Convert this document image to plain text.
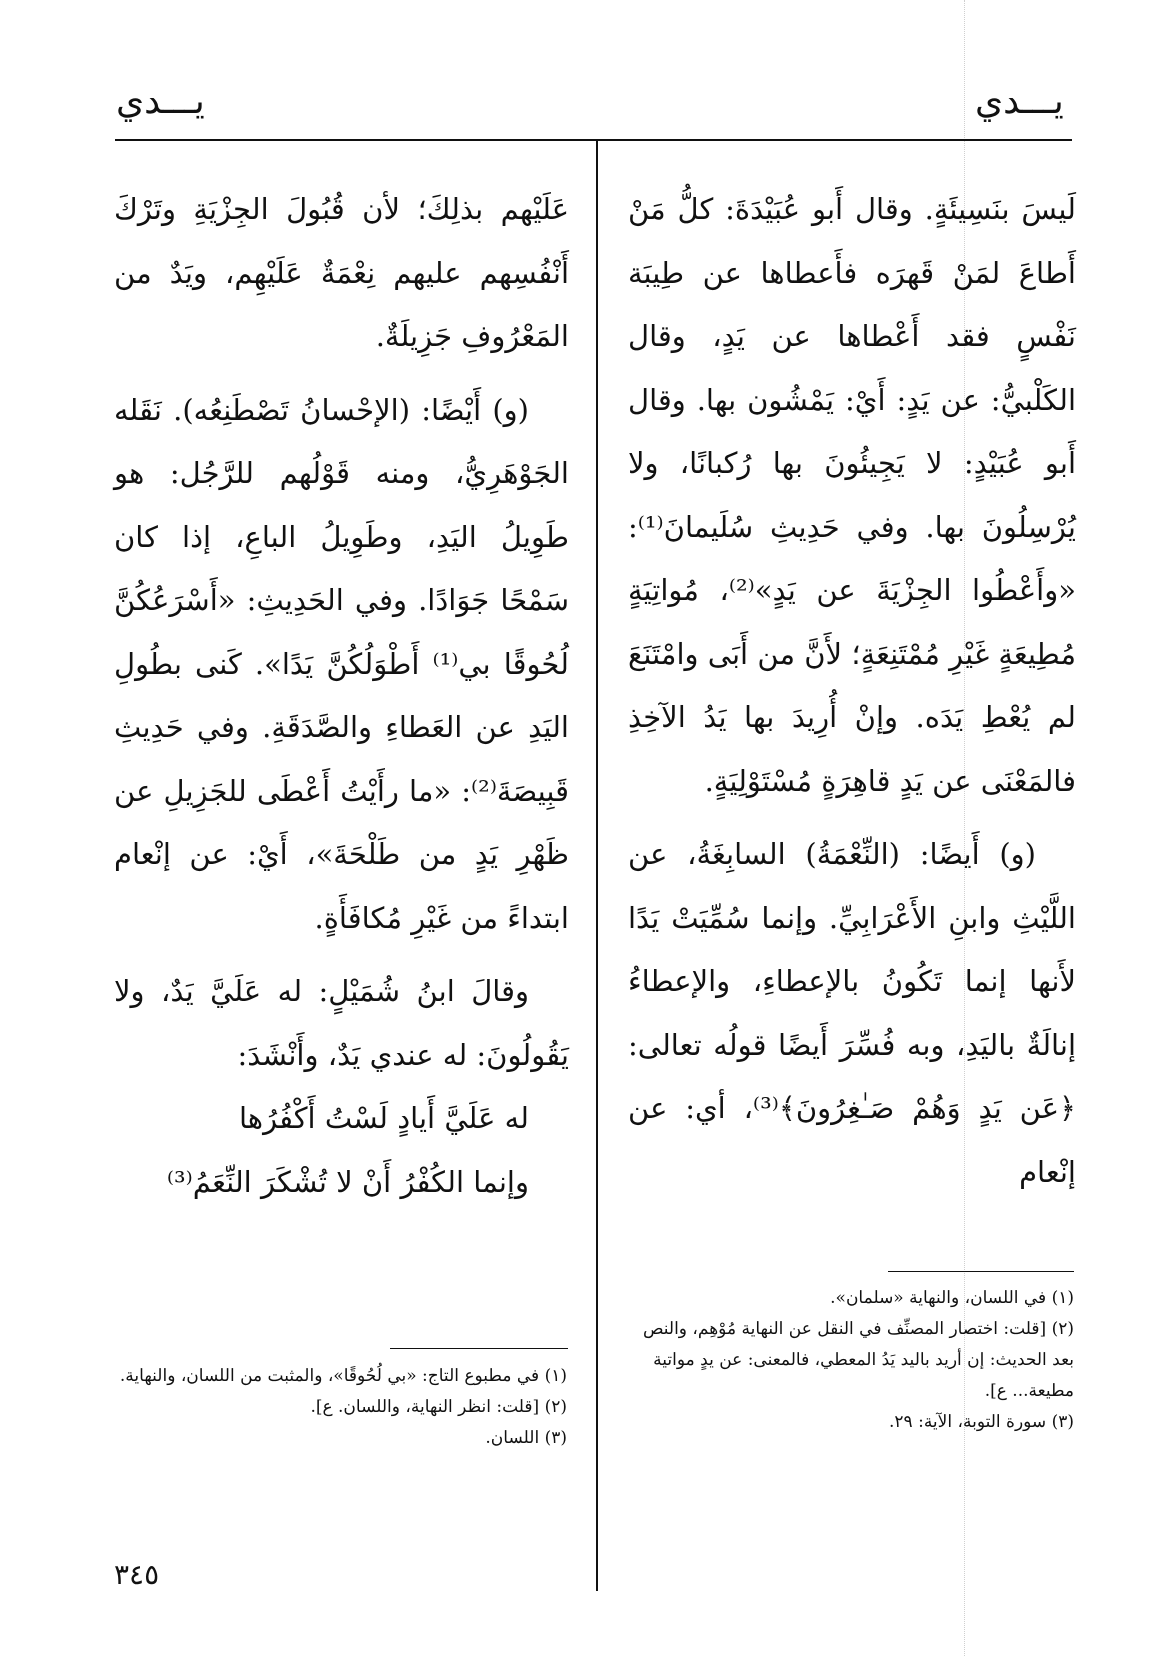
يـــدي
يـــدي

لَيسَ بنَسِيئَةٍ. وقال أَبو عُبَيْدَةَ: كلُّ مَنْ أَطاعَ لمَنْ قَهرَه فأَعطاها عن طِيبَة نَفْسٍ فقد أَعْطاها عن يَدٍ، وقال الكَلْبيُّ: عن يَدٍ: أَيْ: يَمْشُون بها. وقال أَبو عُبَيْدٍ: لا يَجِيئُونَ بها رُكبانًا، ولا يُرْسِلُونَ بها. وفي حَدِيثِ سُلَيمانَ⁽¹⁾: «وأَعْطُوا الجِزْيَةَ عن يَدٍ»⁽²⁾، مُواتِيَةٍ مُطِيعَةٍ غَيْرِ مُمْتَنِعَةٍ؛ لأَنَّ من أَبَى وامْتَنَعَ لم يُعْطِ يَدَه. وإنْ أُرِيدَ بها يَدُ الآخِذِ فالمَعْنَى عن يَدٍ قاهِرَةٍ مُسْتَوْلِيَةٍ.

(و) أَيضًا: (النِّعْمَةُ) السابِغَةُ، عن اللَّيْثِ وابنِ الأَعْرَابِيِّ. وإنما سُمِّيَتْ يَدًا لأَنها إنما تَكُونُ بالإعطاءِ، والإعطاءُ إنالَةٌ باليَدِ، وبه فُسِّرَ أَيضًا قولُه تعالى: ﴿عَن يَدٍ وَهُمْ صَـٰغِرُونَ﴾⁽³⁾، أي: عن إنْعام

عَلَيْهم بذلِكَ؛ لأن قُبُولَ الجِزْيَةِ وتَرْكَ أَنْفُسِهم عليهم نِعْمَةٌ عَلَيْهِم، ويَدٌ من المَعْرُوفِ جَزِيلَةٌ.

(و) أَيْضًا: (الإحْسانُ تَصْطَنِعُه). نَقَله الجَوْهَرِيُّ، ومنه قَوْلُهم للرَّجُل: هو طَوِيلُ اليَدِ، وطَوِيلُ الباعِ، إذا كان سَمْحًا جَوَادًا. وفي الحَدِيثِ: «أَسْرَعُكُنَّ لُحُوقًا بي⁽¹⁾ أَطْوَلُكُنَّ يَدًا». كَنى بطُولِ اليَدِ عن العَطاءِ والصَّدَقَةِ. وفي حَدِيثِ قَبِيصَةَ⁽²⁾: «ما رأَيْتُ أَعْطَى للجَزِيلِ عن ظَهْرِ يَدٍ من طَلْحَةَ»، أَيْ: عن إنْعام ابتداءً من غَيْرِ مُكافَأَةٍ.

وقالَ ابنُ شُمَيْلٍ: له عَلَيَّ يَدٌ، ولا يَقُولُونَ: له عندي يَدٌ، وأَنْشَدَ:

له عَلَيَّ أَيادٍ لَسْتُ أَكْفُرُها

وإنما الكُفْرُ أَنْ لا تُشْكَرَ النِّعَمُ⁽³⁾

(١) في اللسان، والنهاية «سلمان».

(٢) [قلت: اختصار المصنِّف في النقل عن النهاية مُوْهِم، والنص بعد الحديث: إن أريد باليد يَدُ المعطي، فالمعنى: عن يدٍ مواتية مطيعة... ع].

(٣) سورة التوبة، الآية: ٢٩.

(١) في مطبوع التاج: «بي لُحُوقًا»، والمثبت من اللسان، والنهاية.

(٢) [قلت: انظر النهاية، واللسان. ع].

(٣) اللسان.

٣٤٥
